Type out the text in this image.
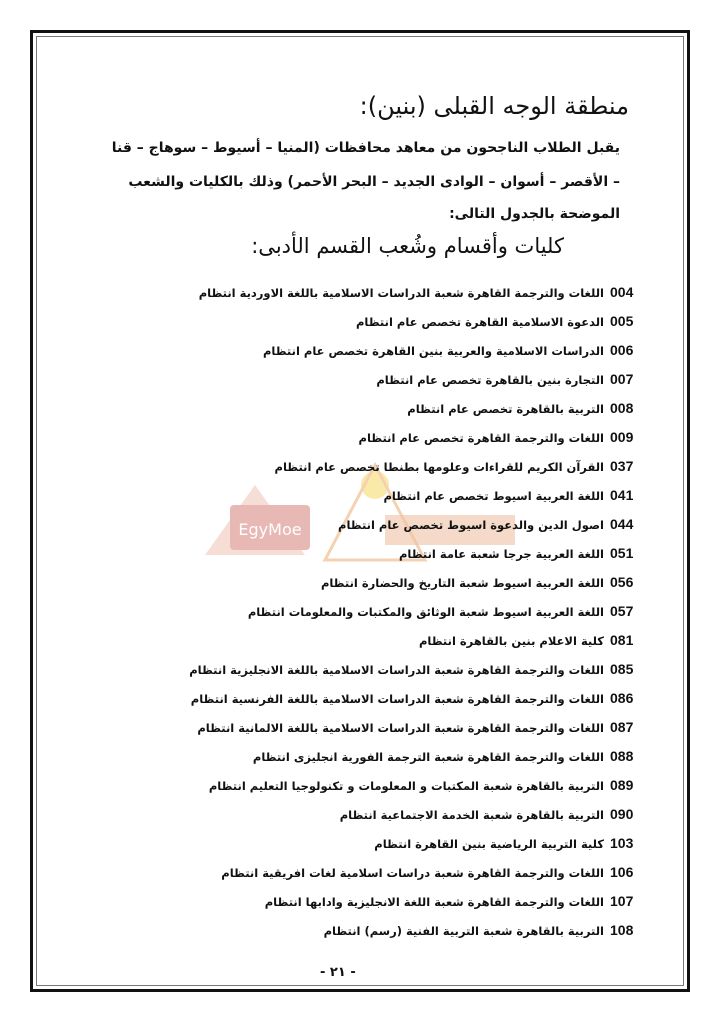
منطقة الوجه القبلى (بنين):
يقبل الطلاب الناجحون من معاهد محافظات (المنيا – أسيوط – سوهاج – قنا
– الأقصر – أسوان – الوادى الجديد – البحر الأحمر) وذلك بالكليات والشعب
الموضحة بالجدول التالى:
كليات وأقسام وشُعب القسم الأدبى:
EgyMoe
004
اللغات والترجمة القاهرة شعبة الدراسات الاسلامية باللغة الاوردية انتظام
005
الدعوة الاسلامية القاهرة تخصص عام انتظام
006
الدراسات الاسلامية والعربية بنين القاهرة تخصص عام انتظام
007
التجارة بنين بالقاهرة تخصص عام انتظام
008
التربية بالقاهرة تخصص عام انتظام
009
اللغات والترجمة القاهرة تخصص عام انتظام
037
القرآن الكريم للقراءات وعلومها بطنطا تخصص عام انتظام
041
اللغة العربية اسيوط تخصص عام انتظام
044
اصول الدين والدعوة اسيوط تخصص عام انتظام
051
اللغة العربية جرجا شعبة عامة انتظام
056
اللغة العربية اسيوط شعبة التاريخ والحضارة انتظام
057
اللغة العربية اسيوط شعبة الوثائق والمكتبات والمعلومات انتظام
081
كلية الاعلام بنين بالقاهرة انتظام
085
اللغات والترجمة القاهرة شعبة الدراسات الاسلامية باللغة الانجليزية انتظام
086
اللغات والترجمة القاهرة شعبة الدراسات الاسلامية باللغة الفرنسية انتظام
087
اللغات والترجمة القاهرة شعبة الدراسات الاسلامية باللغة الالمانية انتظام
088
اللغات والترجمة القاهرة شعبة الترجمة الفورية انجليزى انتظام
089
التربية بالقاهرة شعبة المكتبات و المعلومات و تكنولوجيا التعليم انتظام
090
التربية بالقاهرة شعبة الخدمة الاجتماعية انتظام
103
كلية التربية الرياضية بنين القاهرة انتظام
106
اللغات والترجمة القاهرة شعبة دراسات اسلامية لغات افريقية انتظام
107
اللغات والترجمة القاهرة شعبة اللغة الانجليزية وادابها انتظام
108
التربية بالقاهرة شعبة التربية الفنية (رسم) انتظام
- ٢١ -
